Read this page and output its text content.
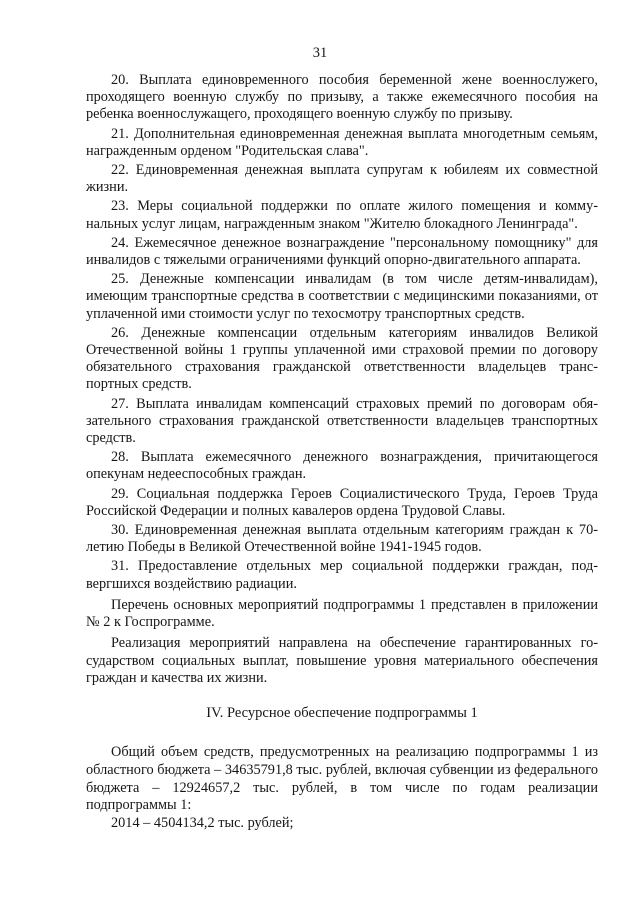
31

20. Выплата единовременного пособия беременной жене военнослужего, проходящего военную службу по призыву, а также ежемесячного пособия на ребенка военнослужащего, проходящего военную службу по призыву.

21. Дополнительная единовременная денежная выплата многодетным семьям, награжденным орденом "Родительская слава".

22. Единовременная денежная выплата супругам к юбилеям их совместной жизни.

23. Меры социальной поддержки по оплате жилого помещения и коммунальных услуг лицам, награжденным знаком "Жителю блокадного Ленинграда".

24. Ежемесячное денежное вознаграждение "персональному помощнику" для инвалидов с тяжелыми ограничениями функций опорно-двигательного аппарата.

25. Денежные компенсации инвалидам (в том числе детям-инвалидам), имеющим транспортные средства в соответствии с медицинскими показаниями, от уплаченной ими стоимости услуг по техосмотру транспортных средств.

26. Денежные компенсации отдельным категориям инвалидов Великой Отечественной войны 1 группы уплаченной ими страховой премии по договору обязательного страхования гражданской ответственности владельцев транспортных средств.

27. Выплата инвалидам компенсаций страховых премий по договорам обязательного страхования гражданской ответственности владельцев транспортных средств.

28. Выплата ежемесячного денежного вознаграждения, причитающегося опекунам недееспособных граждан.

29. Социальная поддержка Героев Социалистического Труда, Героев Труда Российской Федерации и полных кавалеров ордена Трудовой Славы.

30. Единовременная денежная выплата отдельным категориям граждан к 70-летию Победы в Великой Отечественной войне 1941-1945 годов.

31. Предоставление отдельных мер социальной поддержки граждан, подвергшихся воздействию радиации.

Перечень основных мероприятий подпрограммы 1 представлен в приложении № 2 к Госпрограмме.

Реализация мероприятий направлена на обеспечение гарантированных государством социальных выплат, повышение уровня материального обеспечения граждан и качества их жизни.

IV. Ресурсное обеспечение подпрограммы 1

Общий объем средств, предусмотренных на реализацию подпрограммы 1 из областного бюджета – 34635791,8 тыс. рублей, включая субвенции из федерального бюджета – 12924657,2 тыс. рублей, в том числе по годам реализации подпрограммы 1:

2014 – 4504134,2 тыс. рублей;
